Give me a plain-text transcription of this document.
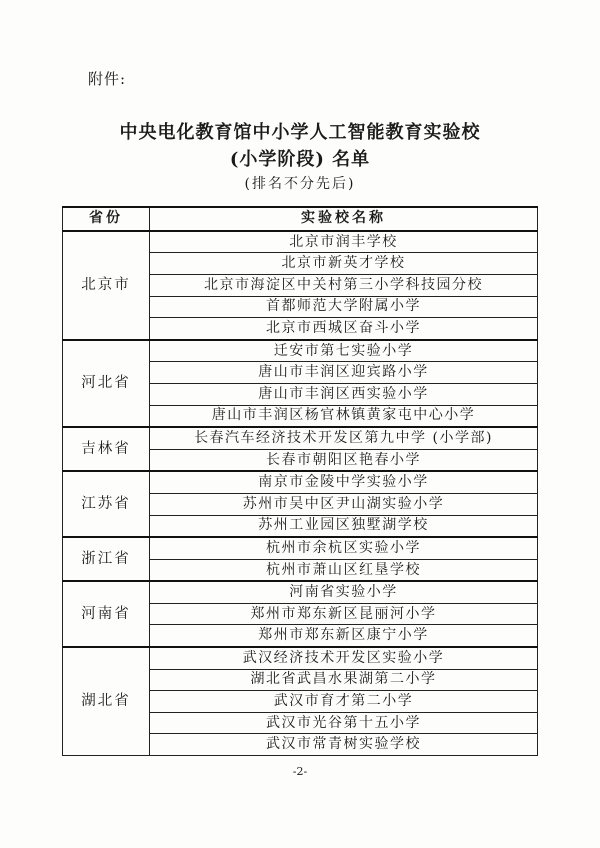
附件:
中央电化教育馆中小学人工智能教育实验校
(小学阶段) 名单
(排名不分先后)
省份	实验校名称
北京市	北京市润丰学校
	北京市新英才学校
	北京市海淀区中关村第三小学科技园分校
	首都师范大学附属小学
	北京市西城区奋斗小学
河北省	迁安市第七实验小学
	唐山市丰润区迎宾路小学
	唐山市丰润区西实验小学
	唐山市丰润区杨官林镇黄家屯中心小学
吉林省	长春汽车经济技术开发区第九中学 (小学部)
	长春市朝阳区艳春小学
江苏省	南京市金陵中学实验小学
	苏州市吴中区尹山湖实验小学
	苏州工业园区独墅湖学校
浙江省	杭州市余杭区实验小学
	杭州市萧山区红垦学校
河南省	河南省实验小学
	郑州市郑东新区昆丽河小学
	郑州市郑东新区康宁小学
湖北省	武汉经济技术开发区实验小学
	湖北省武昌水果湖第二小学
	武汉市育才第二小学
	武汉市光谷第十五小学
	武汉市常青树实验学校
-2-
